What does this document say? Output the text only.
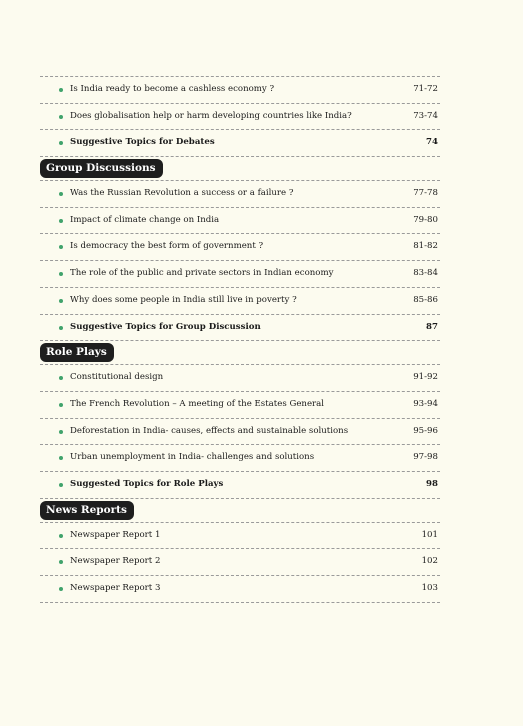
Is India ready to become a cashless economy ?	71-72
Does globalisation help or harm developing countries like India?	73-74
Suggestive Topics for Debates	74
Group Discussions
Was the Russian Revolution a success or a failure ?	77-78
Impact of climate change on India	79-80
Is democracy the best form of government ?	81-82
The role of the public and private sectors in Indian economy	83-84
Why does some people in India still live in poverty ?	85-86
Suggestive Topics for Group Discussion	87
Role Plays
Constitutional design	91-92
The French Revolution – A meeting of the Estates General	93-94
Deforestation in India- causes, effects and sustainable solutions	95-96
Urban unemployment in India- challenges and solutions	97-98
Suggested Topics for Role Plays	98
News Reports
Newspaper Report 1	101
Newspaper Report 2	102
Newspaper Report 3	103
